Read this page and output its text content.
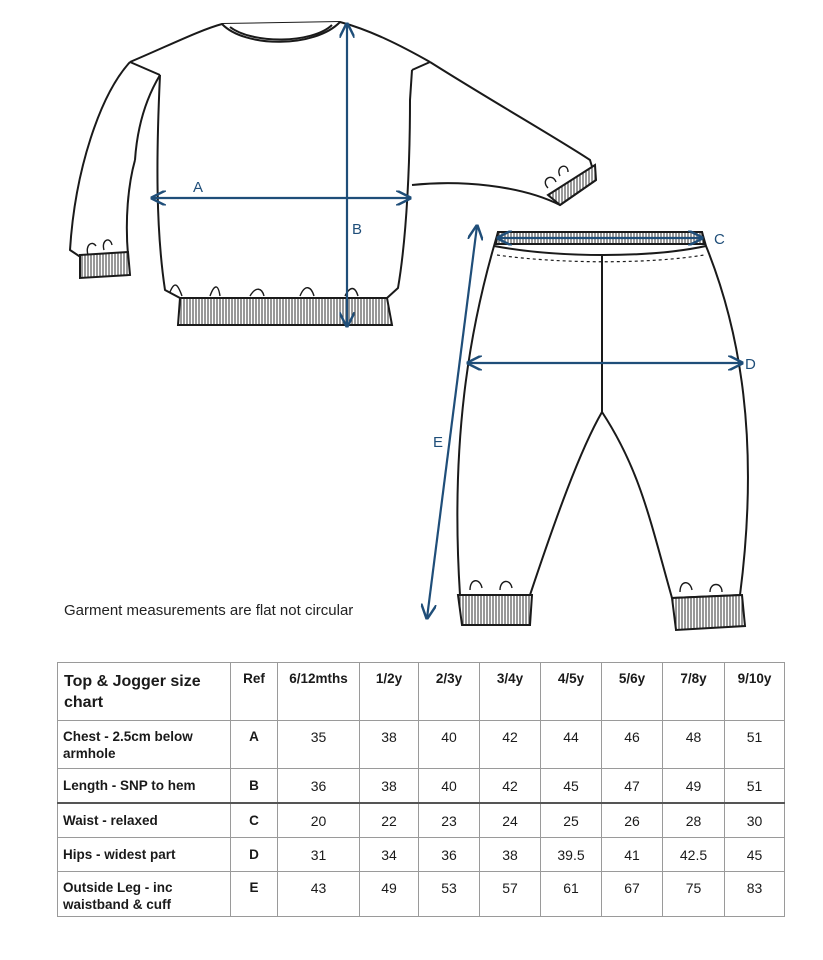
A
B
C
D
E
Garment measurements are flat not circular
Top & Jogger size chart	Ref	6/12mths	1/2y	2/3y	3/4y	4/5y	5/6y	7/8y	9/10y
Chest - 2.5cm below armhole	A	35	38	40	42	44	46	48	51
Length - SNP to hem	B	36	38	40	42	45	47	49	51
Waist - relaxed	C	20	22	23	24	25	26	28	30
Hips - widest part	D	31	34	36	38	39.5	41	42.5	45
Outside Leg - inc waistband & cuff	E	43	49	53	57	61	67	75	83
